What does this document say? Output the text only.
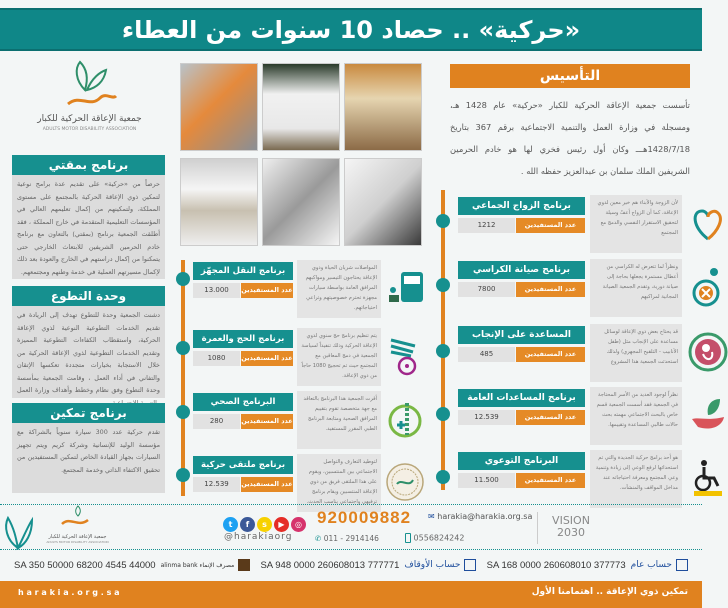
«حركية» .. حصاد 10 سنوات من العطاء
جمعية الإعاقة الحركية للكبار
ADULTS MOTOR DISABILITY ASSOCIATION
برنامج بمقتي
حرصاً من «حركية» على تقديم عدة برامج نوعية لتمكين ذوي الإعاقة الحركية بالمجتمع على مستوى المملكة، ولتمكينهم من إكمال تعليمهم العالي في المؤسسات التعليمية المتقدمة في خارج المملكة ، فقد أطلقت الجمعية برنامج (بمقتي) بالتعاون مع برنامج خادم الحرمين الشريفين للابتعاث الخارجي حتى يتمكنوا من إكمال دراستهم في الخارج والعودة بعد ذلك لإكمال مسيرتهم العملية في خدمة وطنهم ومجتمعهم.
وحدة التطوع
دشنت الجمعية وحدة للتطوع تهدف إلى الريادة في تقديم الخدمات التطوعية النوعية لذوي الإعاقة الحركية، واستقطاب الكفاءات التطوعية المميزة وتقديم الخدمات التطوعية لذوي الإعاقة الحركية من خلال الاستجابة بخيارات متجددة تعكسها الإتقان والتفاني في أداء العمل ، وقامت الجمعية بمأسسة وحدة التطوع وفق نظام وخطط وأهداف وزارة العمل
برنامج تمكين
تقدم حركية عدد 300 سيارة سنوياً بالشراكة مع مؤسسة الوليد للإنسانية وشركة كريم ويتم تجهيز السيارات بجهاز القيادة الخاص لتمكين المستفيدين من تحقيق الاكتفاء الذاتي وخدمة المجتمع.
التأسيس
تأسست جمعية الإعاقة الحركية للكبار «حركية» عام 1428 هـ، ومسجلة في وزارة العمل والتنمية الاجتماعية برقم 367 بتاريخ 1428/7/18هـــ وكان أول رئيس فخري لها هو خادم الحرمين الشريفين الملك سلمان بن عبدالعزيز حفظه الله .
برنامج الزواج الجماعي
1212	عدد المستفيدين
لأن الزوجة والأبناء هم خير معين لذوي الإعاقة، كما أن الزواج أعفّ وسيلة لتحقيق الاستقرار النفسي والدمج مع المجتمع
برنامج صيانة الكراسي
7800	عدد المستفيدين
ونظراً لما تتعرض له الكراسي من أعطال مستمرة يجعلها بحاجة إلى صيانة دورية، وتقدم الجمعية الصيانة المجانية لمراكبهم
المساعدة على الإنجاب
485	عدد المستفيدين
قد يحتاج بعض ذوي الإعاقة لوسائل مساعدة على الإنجاب مثل (طفل الأنابيب - التلقيح المجهري) ولذلك استحدثت الجمعية هذا المشروع
برنامج المساعدات العامة
12.539	عدد المستفيدين
نظراً لوجود العديد من الأسر المحتاجة في الجمعية فقد أسست الجمعية قسم خاص بالبحث الاجتماعي مهمته بحث حالات طالبي المساعدة وتقييمها.
البرنامج التوعوي
11.500	عدد المستفيدين
هو أحد برامج حركية الجديدة والتي تم استحداثها لرفع الوعي إلى زيادة وتنمية وعي المجتمع ومعرفة احتياجاته عند مداخل المواقف والمنشآت.
برنامج النقل المجهّز
13.000	عدد المستفيدين
المواصلات شريان الحياة وذوي الإعاقة يحتاجون التيسير ومواكبهم المرافق العامة بواسطة سيارات مجهزة تحترم خصوصيتهم وتراعي احتياجاتهم.
برنامج الحج والعمرة
1080	عدد المستفيدين
يتم تنظيم برنامج حج سنوي لذوي الإعاقة الحركية وذلك تنفيذاً لسياسة الجمعية في دمج المعاقين مع المجتمع حيث تم تحجيج 1080 حاجاً من ذوي الإعاقة.
البرنامج الصحي
280	عدد المستفيدين
أقرت الجمعية هذا البرنامج بالتعاقد مع جهة متخصصة تقوم بتقييم المرافق الصحية ومتابعة البرنامج الطبي المقرر للمستفيد.
برنامج ملتقى حركية
12.539	عدد المستفيدين
لتوطيد التعارف والتواصل الاجتماعي بين المنتسبين، ويقوم على هذا الملتقى فريق من ذوي الإعاقة المنتسبين ويقام برنامج ترفيهي واجتماعي يناسب الحدث.
جمعية الإعاقة الحركية للكبار
ADULTS MOTOR DISABILITY ASSOCIATION
t f s ▶ ◎
@harakiaorg
920009882 ✉ harakia@harakia.org.sa
✆ 011 - 2914146	0556824242
VISION 2030
SA 350 50000 68200 4545 44000 مصرف الإنماء alinma bank	SA 948 0000 260608013 777771 حساب الأوقاف	SA 168 0000 260608010 377773 حساب عام
h a r a k i a . o r g . s a	تمكين ذوي الإعاقة .. اهتمامنا الأول
